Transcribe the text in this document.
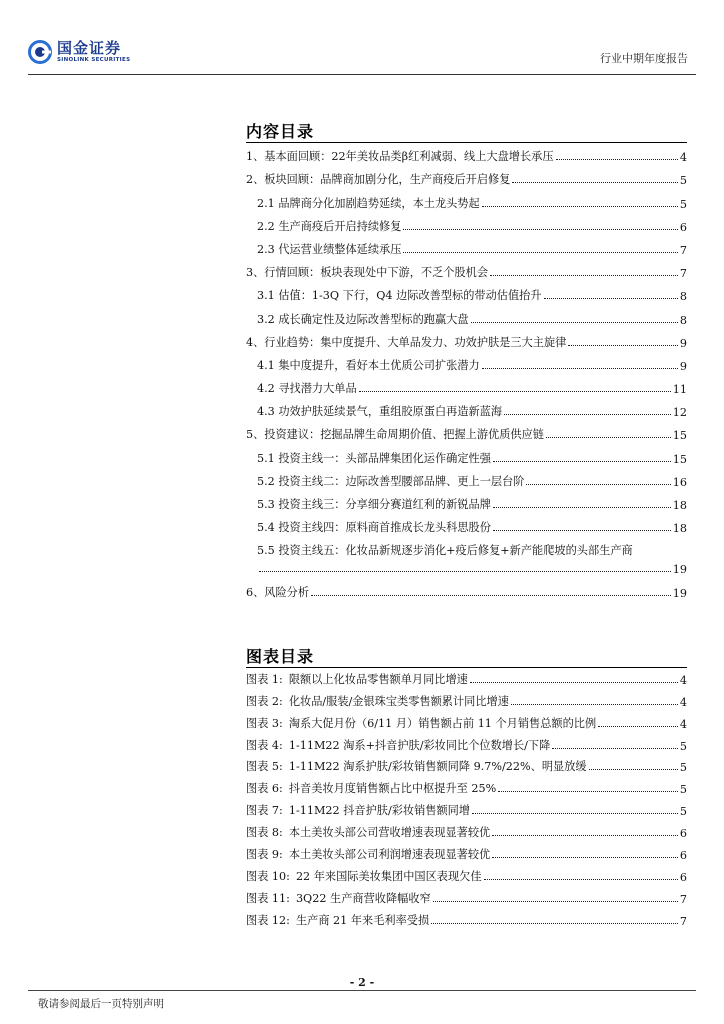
国金证券
SINOLINK SECURITIES	行业中期年度报告
内容目录
1、基本面回顾：22年美妆品类β红利减弱、线上大盘增长承压	4
2、板块回顾：品牌商加剧分化，生产商疫后开启修复	5
2.1 品牌商分化加剧趋势延续，本土龙头势起	5
2.2 生产商疫后开启持续修复	6
2.3 代运营业绩整体延续承压	7
3、行情回顾：板块表现处中下游，不乏个股机会	7
3.1 估值：1-3Q 下行，Q4 边际改善型标的带动估值抬升	8
3.2 成长确定性及边际改善型标的跑赢大盘	8
4、行业趋势：集中度提升、大单品发力、功效护肤是三大主旋律	9
4.1 集中度提升，看好本土优质公司扩张潜力	9
4.2 寻找潜力大单品	11
4.3 功效护肤延续景气，重组胶原蛋白再造新蓝海	12
5、投资建议：挖掘品牌生命周期价值、把握上游优质供应链	15
5.1 投资主线一：头部品牌集团化运作确定性强	15
5.2 投资主线二：边际改善型腰部品牌、更上一层台阶	16
5.3 投资主线三：分享细分赛道红利的新锐品牌	18
5.4 投资主线四：原料商首推成长龙头科思股份	18
5.5 投资主线五：化妆品新规逐步消化+疫后修复+新产能爬坡的头部生产商
19
6、风险分析	19
图表目录
图表 1: 限额以上化妆品零售额单月同比增速	4
图表 2: 化妆品/服装/金银珠宝类零售额累计同比增速	4
图表 3: 淘系大促月份（6/11 月）销售额占前 11 个月销售总额的比例	4
图表 4: 1-11M22 淘系+抖音护肤/彩妆同比个位数增长/下降	5
图表 5: 1-11M22 淘系护肤/彩妆销售额同降 9.7%/22%、明显放缓	5
图表 6: 抖音美妆月度销售额占比中枢提升至 25%	5
图表 7: 1-11M22 抖音护肤/彩妆销售额同增	5
图表 8: 本土美妆头部公司营收增速表现显著较优	6
图表 9: 本土美妆头部公司利润增速表现显著较优	6
图表 10: 22 年来国际美妆集团中国区表现欠佳	6
图表 11: 3Q22 生产商营收降幅收窄	7
图表 12: 生产商 21 年来毛利率受损	7
- 2 -
敬请参阅最后一页特别声明
